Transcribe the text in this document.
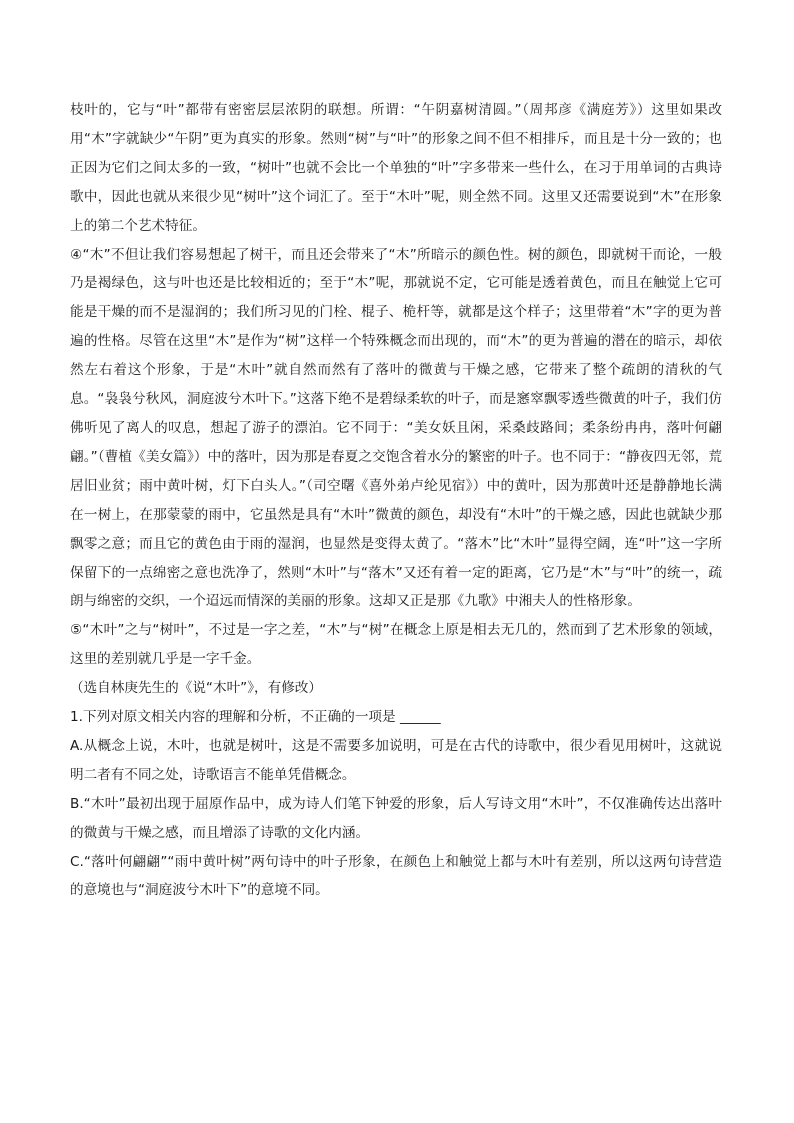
枝叶的，它与“叶”都带有密密层层浓阴的联想。所谓：“午阴嘉树清圆。”（周邦彦《满庭芳》）这里如果改用“木”字就缺少“午阴”更为真实的形象。然则“树”与“叶”的形象之间不但不相排斥，而且是十分一致的；也正因为它们之间太多的一致，“树叶”也就不会比一个单独的“叶”字多带来一些什么，在习于用单词的古典诗歌中，因此也就从来很少见“树叶”这个词汇了。至于“木叶”呢，则全然不同。这里又还需要说到“木”在形象上的第二个艺术特征。

④“木”不但让我们容易想起了树干，而且还会带来了“木”所暗示的颜色性。树的颜色，即就树干而论，一般乃是褐绿色，这与叶也还是比较相近的；至于“木”呢，那就说不定，它可能是透着黄色，而且在触觉上它可能是干燥的而不是湿润的；我们所习见的门栓、棍子、桅杆等，就都是这个样子；这里带着“木”字的更为普遍的性格。尽管在这里“木”是作为“树”这样一个特殊概念而出现的，而“木”的更为普遍的潜在的暗示，却依然左右着这个形象，于是“木叶”就自然而然有了落叶的微黄与干燥之感，它带来了整个疏朗的清秋的气息。“袅袅兮秋风，洞庭波兮木叶下。”这落下绝不是碧绿柔软的叶子，而是窸窣飘零透些微黄的叶子，我们仿佛听见了离人的叹息，想起了游子的漂泊。它不同于：“美女妖且闲，采桑歧路间；柔条纷冉冉，落叶何翩翩。”（曹植《美女篇》）中的落叶，因为那是春夏之交饱含着水分的繁密的叶子。也不同于：“静夜四无邻，荒居旧业贫；雨中黄叶树，灯下白头人。”（司空曙《喜外弟卢纶见宿》）中的黄叶，因为那黄叶还是静静地长满在一树上，在那蒙蒙的雨中，它虽然是具有“木叶”微黄的颜色，却没有“木叶”的干燥之感，因此也就缺少那飘零之意；而且它的黄色由于雨的湿润，也显然是变得太黄了。“落木”比“木叶”显得空阔，连“叶”这一字所保留下的一点绵密之意也洗净了，然则“木叶”与“落木”又还有着一定的距离，它乃是“木”与“叶”的统一，疏朗与绵密的交织，一个迢远而情深的美丽的形象。这却又正是那《九歌》中湘夫人的性格形象。

⑤“木叶”之与“树叶”，不过是一字之差，“木”与“树”在概念上原是相去无几的，然而到了艺术形象的领域，这里的差别就几乎是一字千金。

（选自林庚先生的《说“木叶”》，有修改）

1.下列对原文相关内容的理解和分析，不正确的一项是 ______

A.从概念上说，木叶，也就是树叶，这是不需要多加说明，可是在古代的诗歌中，很少看见用树叶，这就说明二者有不同之处，诗歌语言不能单凭借概念。

B.“木叶”最初出现于屈原作品中，成为诗人们笔下钟爱的形象，后人写诗文用“木叶”，不仅准确传达出落叶的微黄与干燥之感，而且增添了诗歌的文化内涵。

C.“落叶何翩翩”“雨中黄叶树”两句诗中的叶子形象，在颜色上和触觉上都与木叶有差别，所以这两句诗营造的意境也与“洞庭波兮木叶下”的意境不同。
